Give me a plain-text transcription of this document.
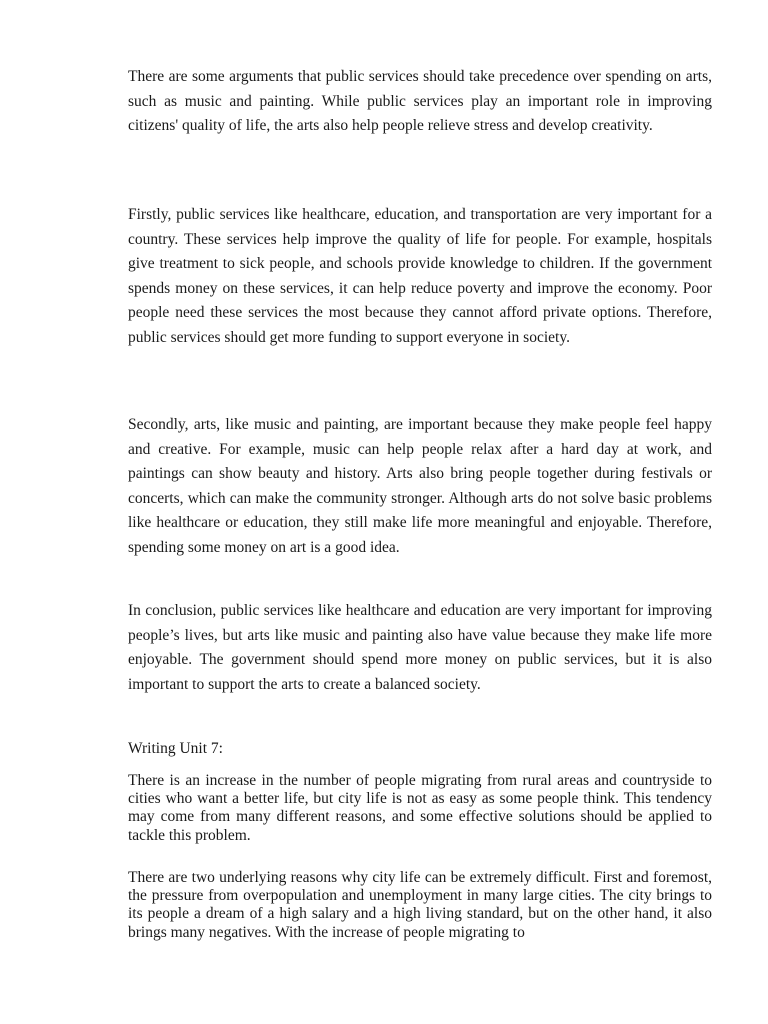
There are some arguments that public services should take precedence over spending on arts, such as music and painting. While public services play an important role in improving citizens' quality of life, the arts also help people relieve stress and develop creativity.

Firstly, public services like healthcare, education, and transportation are very important for a country. These services help improve the quality of life for people. For example, hospitals give treatment to sick people, and schools provide knowledge to children. If the government spends money on these services, it can help reduce poverty and improve the economy. Poor people need these services the most because they cannot afford private options. Therefore, public services should get more funding to support everyone in society.

Secondly, arts, like music and painting, are important because they make people feel happy and creative. For example, music can help people relax after a hard day at work, and paintings can show beauty and history. Arts also bring people together during festivals or concerts, which can make the community stronger. Although arts do not solve basic problems like healthcare or education, they still make life more meaningful and enjoyable. Therefore, spending some money on art is a good idea.

In conclusion, public services like healthcare and education are very important for improving people’s lives, but arts like music and painting also have value because they make life more enjoyable. The government should spend more money on public services, but it is also important to support the arts to create a balanced society.

Writing Unit 7:

There is an increase in the number of people migrating from rural areas and countryside to cities who want a better life, but city life is not as easy as some people think. This tendency may come from many different reasons, and some effective solutions should be applied to tackle this problem.

There are two underlying reasons why city life can be extremely difficult. First and foremost, the pressure from overpopulation and unemployment in many large cities. The city brings to its people a dream of a high salary and a high living standard, but on the other hand, it also brings many negatives. With the increase of people migrating to
